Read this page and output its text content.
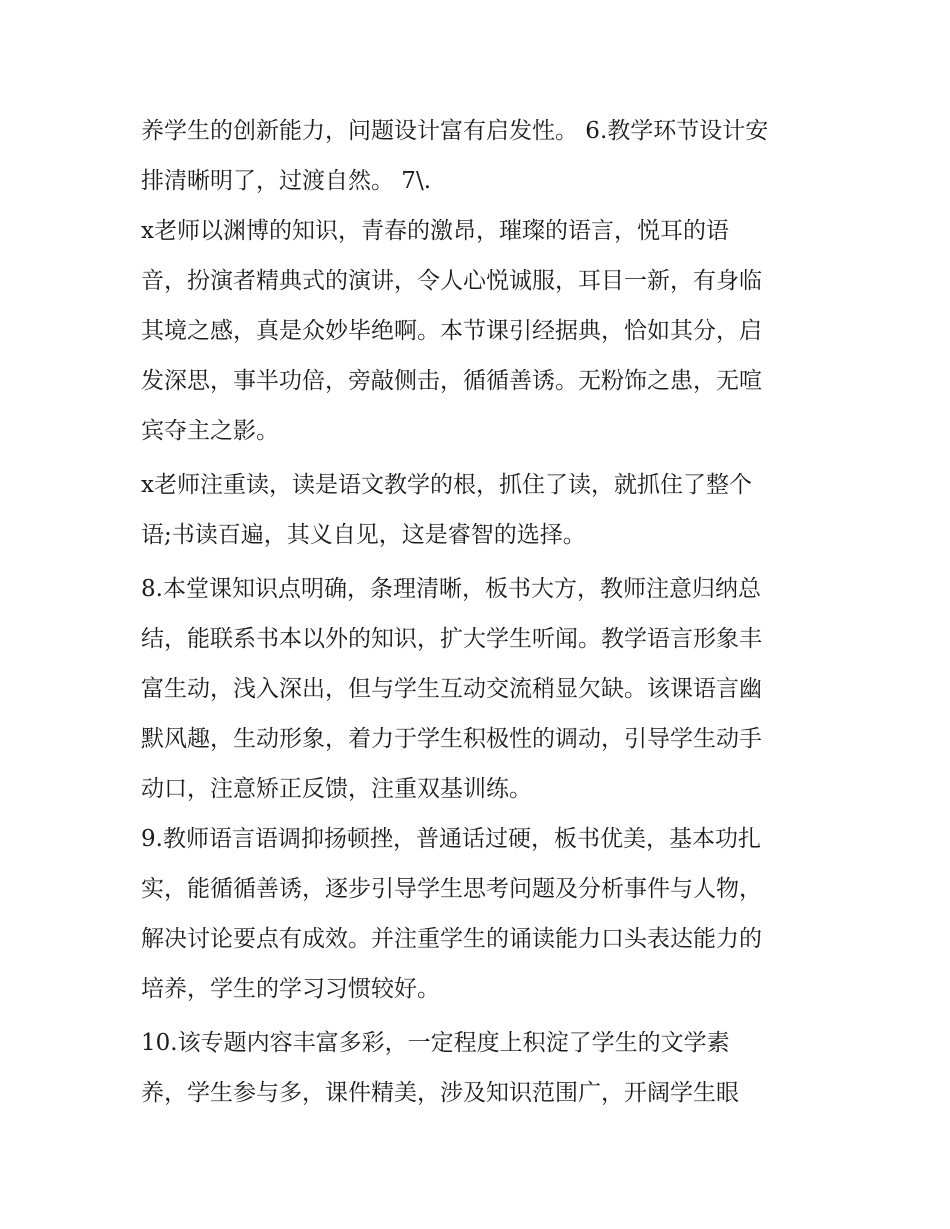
养学生的创新能力，问题设计富有启发性。 6.教学环节设计安
排清晰明了，过渡自然。 7\.
x老师以渊博的知识，青春的激昂，璀璨的语言，悦耳的语
音，扮演者精典式的演讲，令人心悦诚服，耳目一新，有身临
其境之感，真是众妙毕绝啊。本节课引经据典，恰如其分，启
发深思，事半功倍，旁敲侧击，循循善诱。无粉饰之患，无喧
宾夺主之影。
x老师注重读，读是语文教学的根，抓住了读，就抓住了整个
语;书读百遍，其义自见，这是睿智的选择。
8.本堂课知识点明确，条理清晰，板书大方，教师注意归纳总
结，能联系书本以外的知识，扩大学生听闻。教学语言形象丰
富生动，浅入深出，但与学生互动交流稍显欠缺。该课语言幽
默风趣，生动形象，着力于学生积极性的调动，引导学生动手
动口，注意矫正反馈，注重双基训练。
9.教师语言语调抑扬顿挫，普通话过硬，板书优美，基本功扎
实，能循循善诱，逐步引导学生思考问题及分析事件与人物，
解决讨论要点有成效。并注重学生的诵读能力口头表达能力的
培养，学生的学习习惯较好。
10.该专题内容丰富多彩，一定程度上积淀了学生的文学素
养，学生参与多，课件精美，涉及知识范围广，开阔学生眼
